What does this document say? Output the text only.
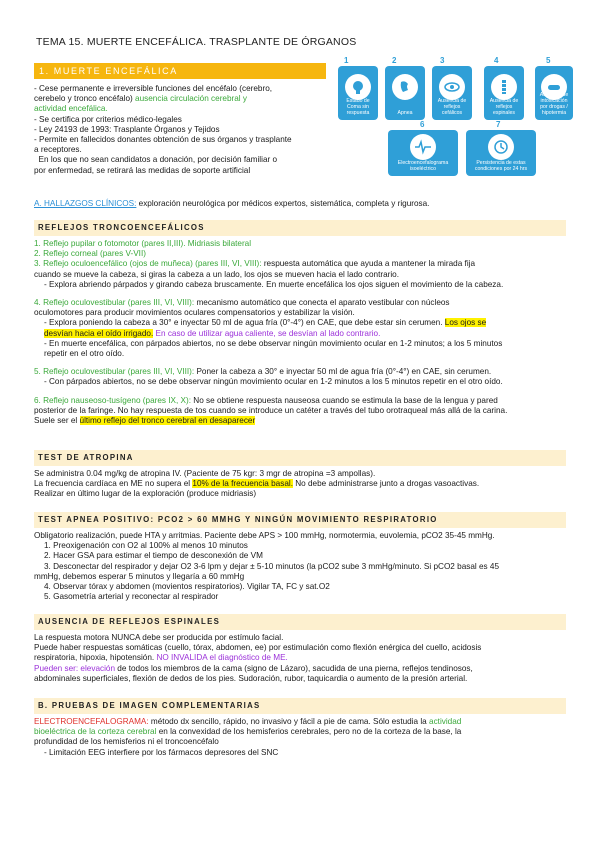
TEMA 15. MUERTE ENCEFÁLICA. TRASPLANTE DE ÓRGANOS
1. MUERTE ENCEFÁLICA

- Cese permanente e irreversible funciones del encéfalo (cerebro,

cerebelo y tronco encéfalo) ausencia circulación cerebral y

actividad encefálica.

- Se certifica por criterios médico-legales

- Ley 24193 de 1993: Trasplante Órganos y Tejidos

- Permite en fallecidos donantes obtención de sus órganos y trasplante

a receptores.

En los que no sean candidatos a donación, por decisión familiar o

por enfermedad, se retirará las medidas de soporte artificial

1
Estado de Coma sin respuesta
2
Apnea
3
Ausencia de reflejos cefálicos
4
Ausencia de reflejos espinales
5
Ausencia de intoxicación por drogas / hipotermia
6
Electroencefalograma isoeléctrico
7
Persistencia de estas condiciones por 24 hrs
A. HALLAZGOS CLÍNICOS: exploración neurológica por médicos expertos, sistemática, completa y rigurosa.
REFLEJOS TRONCOENCEFÁLICOS

1. Reflejo pupilar o fotomotor (pares II,III). Midriasis bilateral

2. Reflejo corneal (pares V-VII)

3. Reflejo oculoencefálico (ojos de muñeca) (pares III, VI, VIII): respuesta automática que ayuda a mantener la mirada fija

cuando se mueve la cabeza, si giras la cabeza a un lado, los ojos se mueven hacia el lado contrario.

- Explora abriendo párpados y girando cabeza bruscamente. En muerte encefálica los ojos siguen el movimiento de la cabeza.

4. Reflejo oculovestibular (pares III, VI, VIII): mecanismo automático que conecta el aparato vestibular con núcleos

oculomotores para producir movimientos oculares compensatorios y estabilizar la visión.

- Explora poniendo la cabeza a 30° e inyectar 50 ml de agua fría (0°-4°) en CAE, que debe estar sin cerumen. Los ojos se

desvían hacia el oído irrigado. En caso de utilizar agua caliente, se desvían al lado contrario.

- En muerte encefálica, con párpados abiertos, no se debe observar ningún movimiento ocular en 1-2 minutos; a los 5 minutos

repetir en el otro oído.

5. Reflejo oculovestibular (pares III, VI, VIII): Poner la cabeza a 30° e inyectar 50 ml de agua fría (0°-4°) en CAE, sin cerumen.

- Con párpados abiertos, no se debe observar ningún movimiento ocular en 1-2 minutos a los 5 minutos repetir en el otro oído.

6. Reflejo nauseoso-tusígeno (pares IX, X): No se obtiene respuesta nauseosa cuando se estimula la base de la lengua y pared

posterior de la faringe. No hay respuesta de tos cuando se introduce un catéter a través del tubo orotraqueal más allá de la carina.

Suele ser el último reflejo del tronco cerebral en desaparecer

TEST DE ATROPINA

Se administra 0.04 mg/kg de atropina IV. (Paciente de 75 kgr: 3 mgr de atropina =3 ampollas).

La frecuencia cardíaca en ME no supera el 10% de la frecuencia basal. No debe administrarse junto a drogas vasoactivas.

Realizar en último lugar de la exploración (produce midriasis)

TEST APNEA POSITIVO: PCO2 > 60 MMHG Y NINGÚN MOVIMIENTO RESPIRATORIO

Obligatorio realización, puede HTA y arritmias. Paciente debe APS > 100 mmHg, normotermia, euvolemia, pCO2 35-45 mmHg.

1. Preoxigenación con O2 al 100% al menos 10 minutos

2. Hacer GSA para estimar el tiempo de desconexión de VM

3. Desconectar del respirador y dejar O2 3-6 lpm y dejar ± 5-10 minutos (la pCO2 sube 3 mmHg/minuto. Si pCO2 basal es 45

mmHg, debemos esperar 5 minutos y llegaría a 60 mmHg

4. Observar tórax y abdomen (movientos respiratorios). Vigilar TA, FC y sat.O2

5. Gasometría arterial y reconectar al respirador

AUSENCIA DE REFLEJOS ESPINALES

La respuesta motora NUNCA debe ser producida por estímulo facial.

Puede haber respuestas somáticas (cuello, tórax, abdomen, ee) por estimulación como flexión enérgica del cuello, acidosis

respiratoria, hipoxia, hipotensión. NO INVALIDA el diagnóstico de ME.

Pueden ser: elevación de todos los miembros de la cama (signo de Lázaro), sacudida de una pierna, reflejos tendinosos,

abdominales superficiales, flexión de dedos de los pies. Sudoración, rubor, taquicardia o aumento de la presión arterial.

B. PRUEBAS DE IMAGEN COMPLEMENTARIAS

ELECTROENCEFALOGRAMA: método dx sencillo, rápido, no invasivo y fácil a pie de cama. Sólo estudia la actividad

bioeléctrica de la corteza cerebral en la convexidad de los hemisferios cerebrales, pero no de la corteza de la base, la

profundidad de los hemisferios ni el troncoencéfalo

- Limitación EEG interfiere por los fármacos depresores del SNC
